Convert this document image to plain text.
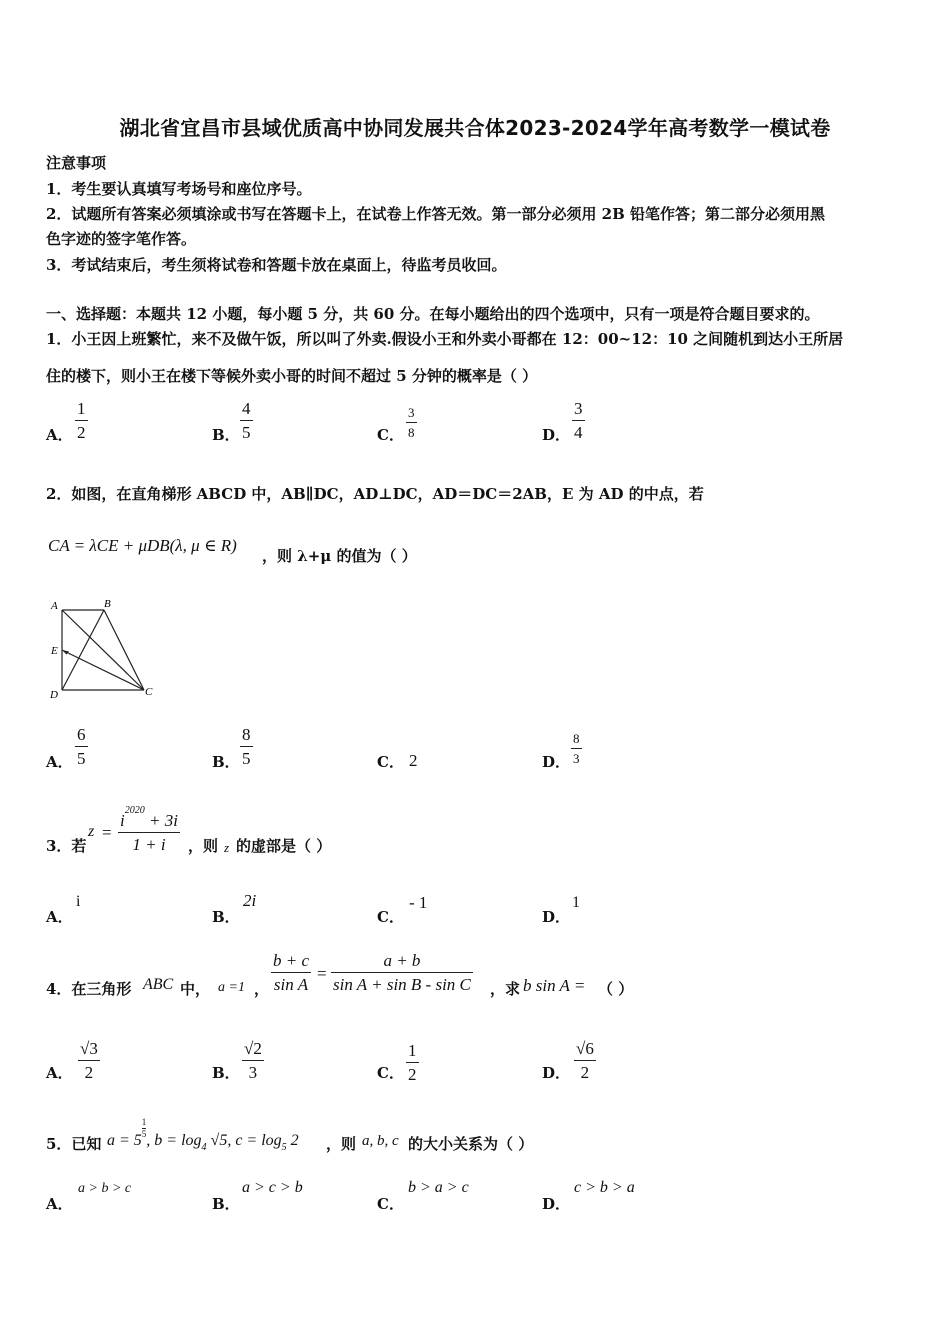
湖北省宜昌市县域优质高中协同发展共合体2023-2024学年高考数学一模试卷
注意事项
1．考生要认真填写考场号和座位序号。
2．试题所有答案必须填涂或书写在答题卡上，在试卷上作答无效。第一部分必须用 2B 铅笔作答；第二部分必须用黑
色字迹的签字笔作答。
3．考试结束后，考生须将试卷和答题卡放在桌面上，待监考员收回。
一、选择题：本题共 12 小题，每小题 5 分，共 60 分。在每小题给出的四个选项中，只有一项是符合题目要求的。
1．小王因上班繁忙，来不及做午饭，所以叫了外卖.假设小王和外卖小哥都在 12：00~12：10 之间随机到达小王所居
住的楼下，则小王在楼下等候外卖小哥的时间不超过 5 分钟的概率是（ ）
A．
1
2	B．
4
5	C．
3
8	D．
3
4
2．如图，在直角梯形 ABCD 中，AB∥DC，AD⊥DC，AD＝DC＝2AB，E 为 AD 的中点，若
CA = λCE + μDB(λ, μ ∈ R)
，则 λ+μ 的值为（ ）
A	B
C
D
E
A．
6
5	B．
8
5	C． 2	D．
8
3
3．若
z =
$i^{2020} + 3i$
1 + i ，则 z 的虚部是（ ）
A．
i
B．
2i
C．
- 1
D．
1
4．在三角形 ABC 中， a =1 ，
b + c
sin A
=
a + b
sin A + sin B - sin C ，求 b sin A = （ ）
A．
√3
2	B．
√2
3	C．
1
2	D．
√6
2
5．已知 a = 5
$\frac{1}{5}$
, $b = \log_4 √5$, $c = \log_5 2$ ，则 a, b, c 的大小关系为（ ）
A．
a > b > c
B．
a > c > b
C．
b > a > c
D．
c > b > a
